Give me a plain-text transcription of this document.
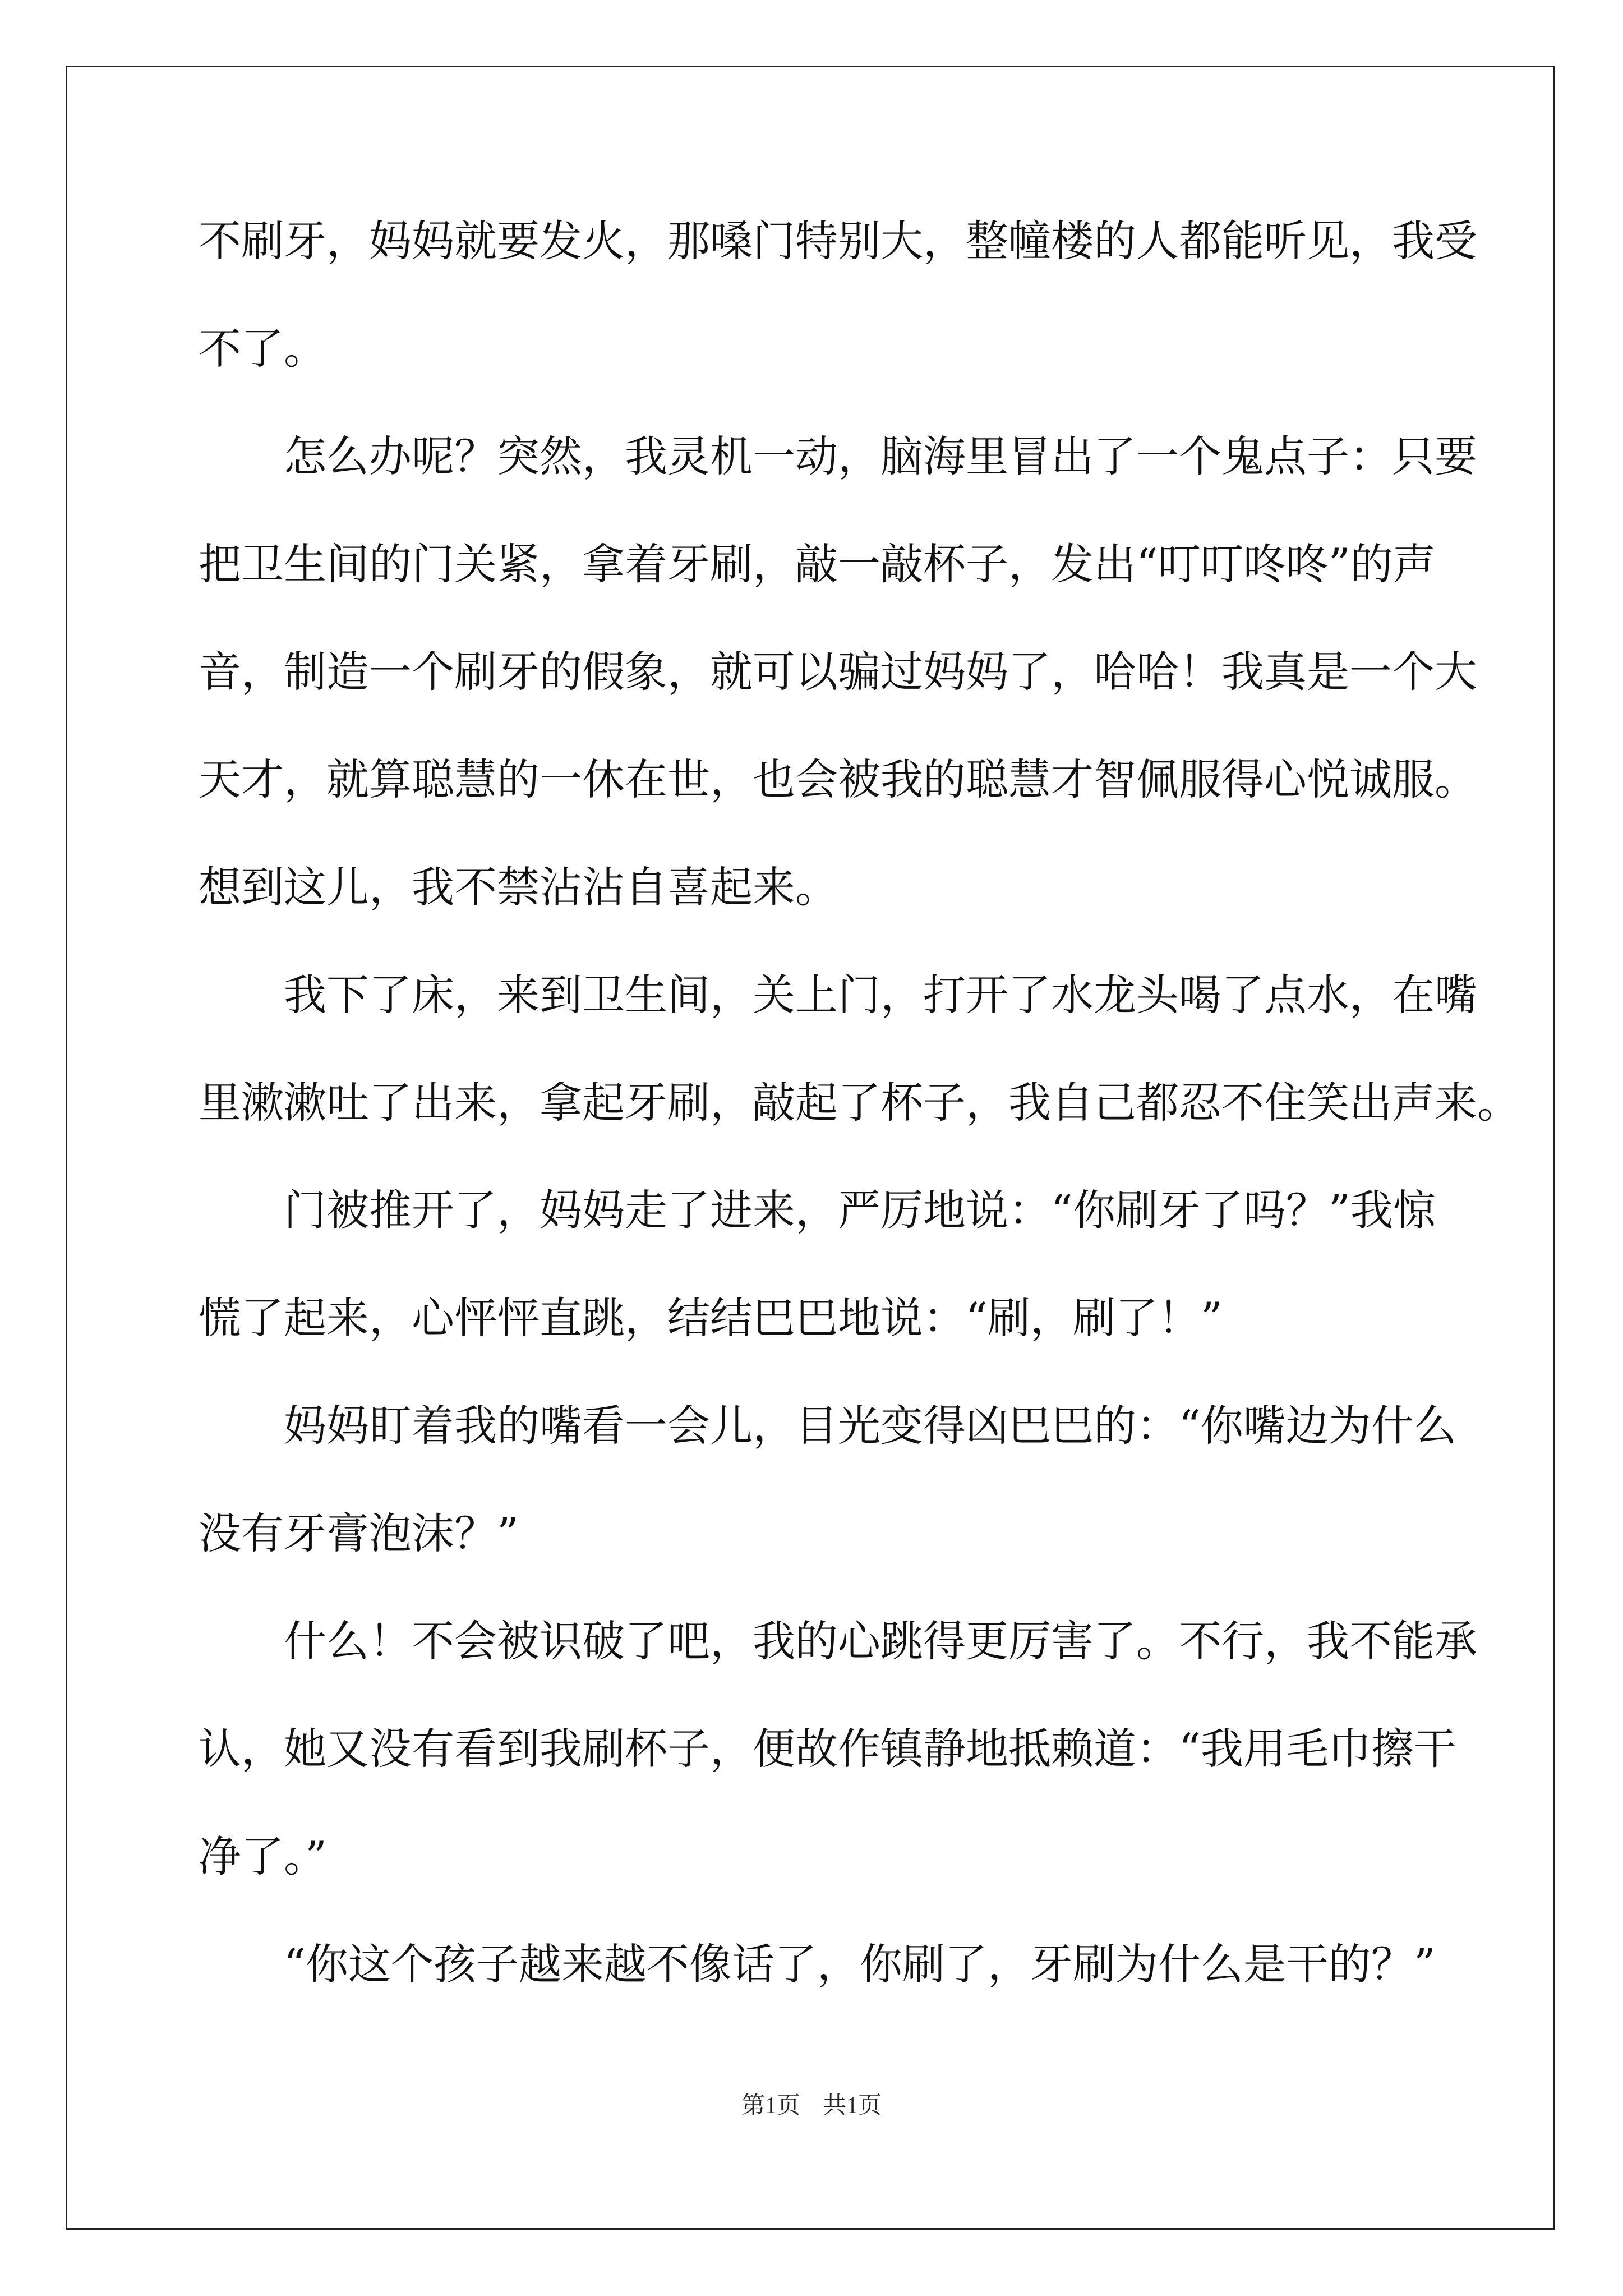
不刷牙，妈妈就要发火，那嗓门特别大，整幢楼的人都能听见，我受
不了。
　　怎么办呢？突然，我灵机一动，脑海里冒出了一个鬼点子：只要
把卫生间的门关紧，拿着牙刷，敲一敲杯子，发出“叮叮咚咚”的声
音，制造一个刷牙的假象，就可以骗过妈妈了，哈哈！我真是一个大
天才，就算聪慧的一休在世，也会被我的聪慧才智佩服得心悦诚服。
想到这儿，我不禁沾沾自喜起来。
　　我下了床，来到卫生间，关上门，打开了水龙头喝了点水，在嘴
里漱漱吐了出来，拿起牙刷，敲起了杯子，我自己都忍不住笑出声来。
　　门被推开了，妈妈走了进来，严厉地说：“你刷牙了吗？”我惊
慌了起来，心怦怦直跳，结结巴巴地说：“刷，刷了！”
　　妈妈盯着我的嘴看一会儿，目光变得凶巴巴的：“你嘴边为什么
没有牙膏泡沫？”
　　什么！不会被识破了吧，我的心跳得更厉害了。不行，我不能承
认，她又没有看到我刷杯子，便故作镇静地抵赖道：“我用毛巾擦干
净了。”
　　“你这个孩子越来越不像话了，你刷了，牙刷为什么是干的？”
第1页 共1页
